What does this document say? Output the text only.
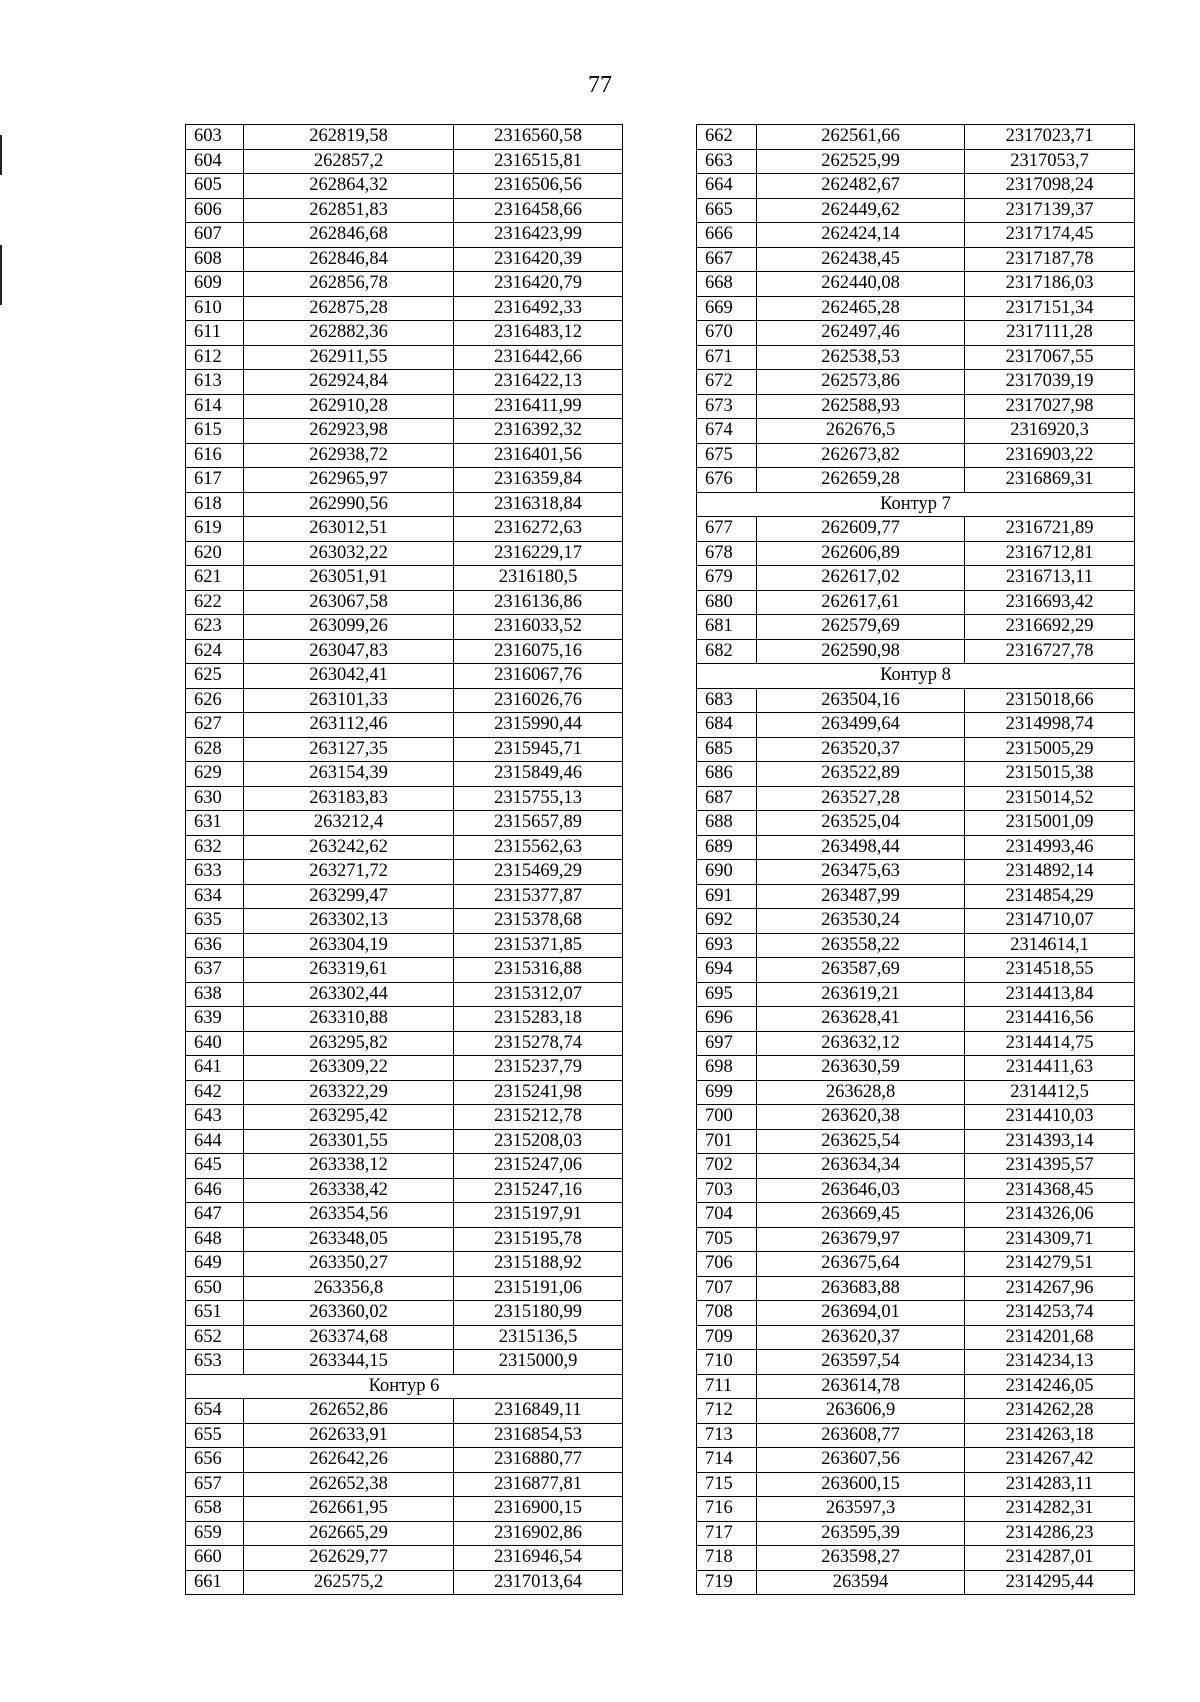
77
603	262819,58	2316560,58
604	262857,2	2316515,81
605	262864,32	2316506,56
606	262851,83	2316458,66
607	262846,68	2316423,99
608	262846,84	2316420,39
609	262856,78	2316420,79
610	262875,28	2316492,33
611	262882,36	2316483,12
612	262911,55	2316442,66
613	262924,84	2316422,13
614	262910,28	2316411,99
615	262923,98	2316392,32
616	262938,72	2316401,56
617	262965,97	2316359,84
618	262990,56	2316318,84
619	263012,51	2316272,63
620	263032,22	2316229,17
621	263051,91	2316180,5
622	263067,58	2316136,86
623	263099,26	2316033,52
624	263047,83	2316075,16
625	263042,41	2316067,76
626	263101,33	2316026,76
627	263112,46	2315990,44
628	263127,35	2315945,71
629	263154,39	2315849,46
630	263183,83	2315755,13
631	263212,4	2315657,89
632	263242,62	2315562,63
633	263271,72	2315469,29
634	263299,47	2315377,87
635	263302,13	2315378,68
636	263304,19	2315371,85
637	263319,61	2315316,88
638	263302,44	2315312,07
639	263310,88	2315283,18
640	263295,82	2315278,74
641	263309,22	2315237,79
642	263322,29	2315241,98
643	263295,42	2315212,78
644	263301,55	2315208,03
645	263338,12	2315247,06
646	263338,42	2315247,16
647	263354,56	2315197,91
648	263348,05	2315195,78
649	263350,27	2315188,92
650	263356,8	2315191,06
651	263360,02	2315180,99
652	263374,68	2315136,5
653	263344,15	2315000,9
Контур 6		
654	262652,86	2316849,11
655	262633,91	2316854,53
656	262642,26	2316880,77
657	262652,38	2316877,81
658	262661,95	2316900,15
659	262665,29	2316902,86
660	262629,77	2316946,54
661	262575,2	2317013,64
662	262561,66	2317023,71
663	262525,99	2317053,7
664	262482,67	2317098,24
665	262449,62	2317139,37
666	262424,14	2317174,45
667	262438,45	2317187,78
668	262440,08	2317186,03
669	262465,28	2317151,34
670	262497,46	2317111,28
671	262538,53	2317067,55
672	262573,86	2317039,19
673	262588,93	2317027,98
674	262676,5	2316920,3
675	262673,82	2316903,22
676	262659,28	2316869,31
Контур 7		
677	262609,77	2316721,89
678	262606,89	2316712,81
679	262617,02	2316713,11
680	262617,61	2316693,42
681	262579,69	2316692,29
682	262590,98	2316727,78
Контур 8		
683	263504,16	2315018,66
684	263499,64	2314998,74
685	263520,37	2315005,29
686	263522,89	2315015,38
687	263527,28	2315014,52
688	263525,04	2315001,09
689	263498,44	2314993,46
690	263475,63	2314892,14
691	263487,99	2314854,29
692	263530,24	2314710,07
693	263558,22	2314614,1
694	263587,69	2314518,55
695	263619,21	2314413,84
696	263628,41	2314416,56
697	263632,12	2314414,75
698	263630,59	2314411,63
699	263628,8	2314412,5
700	263620,38	2314410,03
701	263625,54	2314393,14
702	263634,34	2314395,57
703	263646,03	2314368,45
704	263669,45	2314326,06
705	263679,97	2314309,71
706	263675,64	2314279,51
707	263683,88	2314267,96
708	263694,01	2314253,74
709	263620,37	2314201,68
710	263597,54	2314234,13
711	263614,78	2314246,05
712	263606,9	2314262,28
713	263608,77	2314263,18
714	263607,56	2314267,42
715	263600,15	2314283,11
716	263597,3	2314282,31
717	263595,39	2314286,23
718	263598,27	2314287,01
719	263594	2314295,44
